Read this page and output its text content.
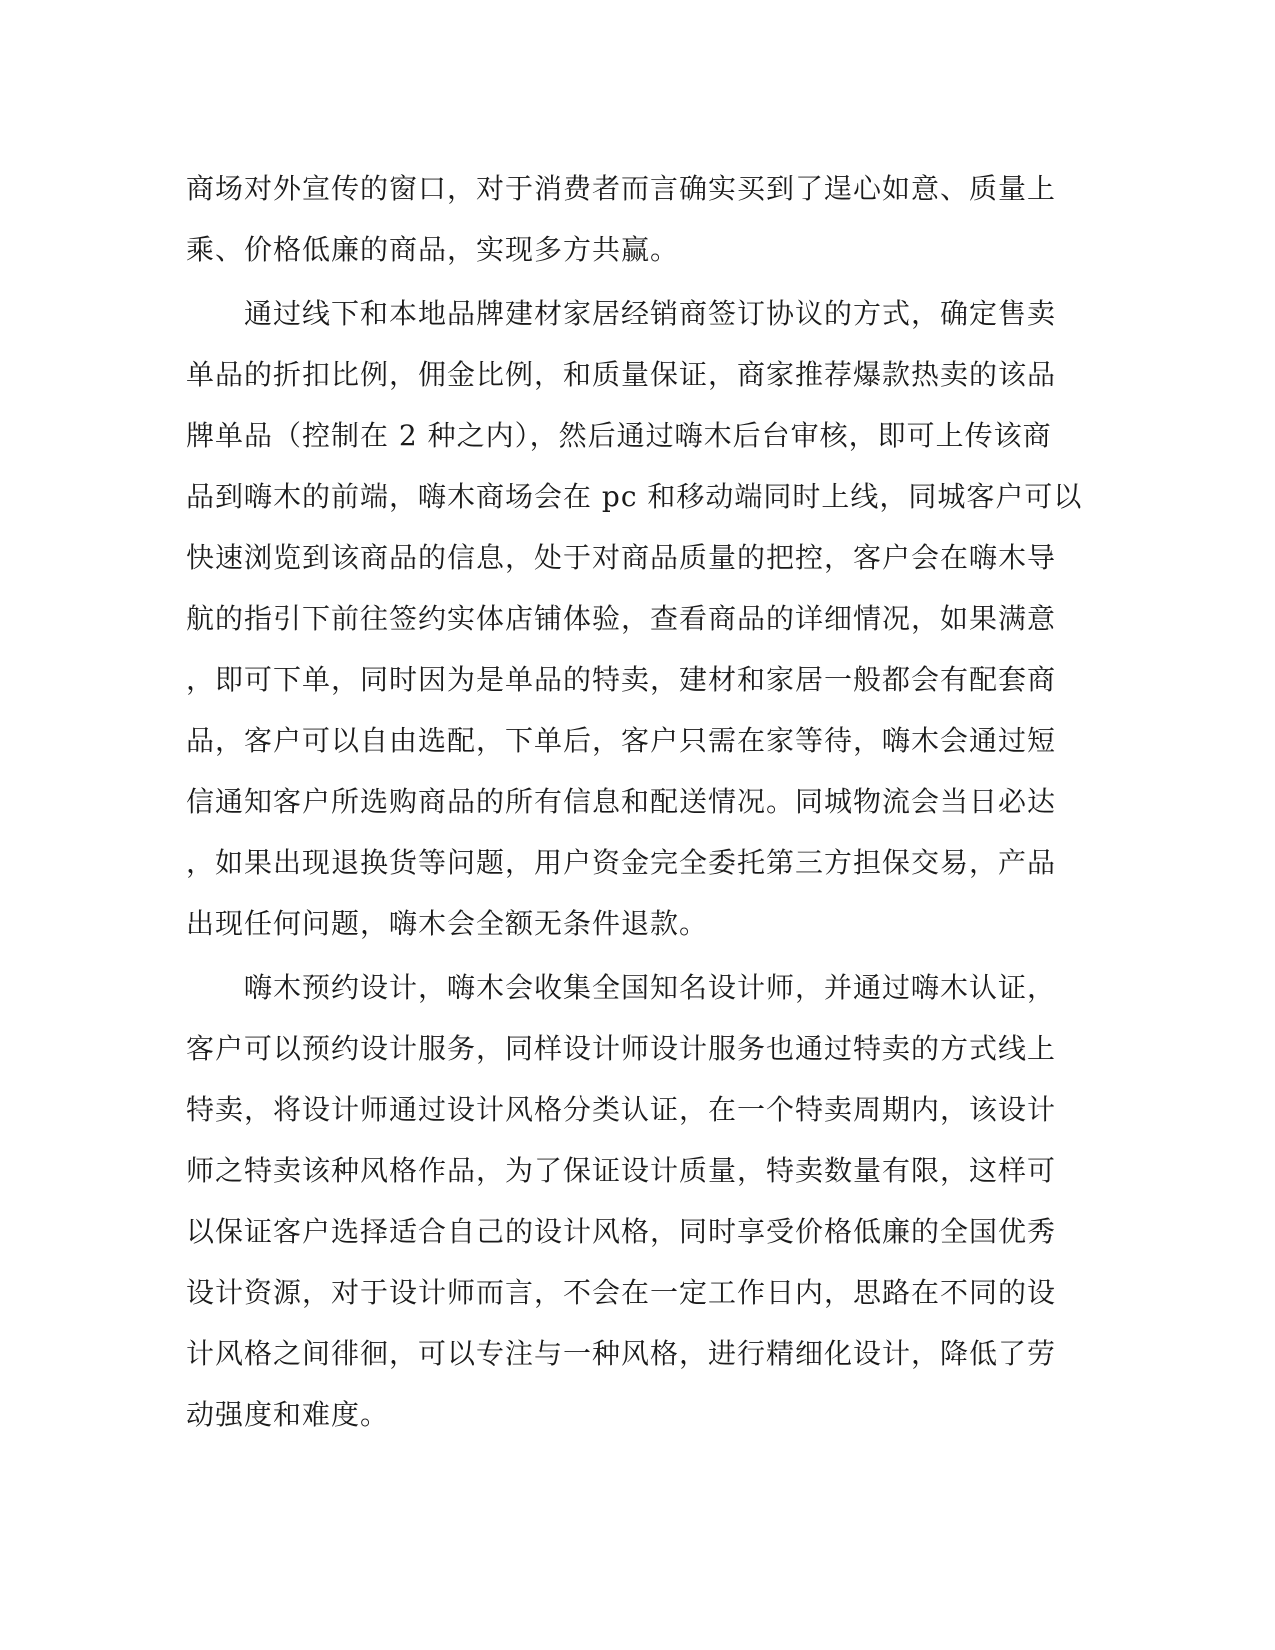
商场对外宣传的窗口，对于消费者而言确实买到了逞心如意、质量上
乘、价格低廉的商品，实现多方共赢。
　　通过线下和本地品牌建材家居经销商签订协议的方式，确定售卖
单品的折扣比例，佣金比例，和质量保证，商家推荐爆款热卖的该品
牌单品（控制在 2 种之内），然后通过嗨木后台审核，即可上传该商
品到嗨木的前端，嗨木商场会在 pc 和移动端同时上线，同城客户可以
快速浏览到该商品的信息，处于对商品质量的把控，客户会在嗨木导
航的指引下前往签约实体店铺体验，查看商品的详细情况，如果满意
，即可下单，同时因为是单品的特卖，建材和家居一般都会有配套商
品，客户可以自由选配，下单后，客户只需在家等待，嗨木会通过短
信通知客户所选购商品的所有信息和配送情况。同城物流会当日必达
，如果出现退换货等问题，用户资金完全委托第三方担保交易，产品
出现任何问题，嗨木会全额无条件退款。
　　嗨木预约设计，嗨木会收集全国知名设计师，并通过嗨木认证，
客户可以预约设计服务，同样设计师设计服务也通过特卖的方式线上
特卖，将设计师通过设计风格分类认证，在一个特卖周期内，该设计
师之特卖该种风格作品，为了保证设计质量，特卖数量有限，这样可
以保证客户选择适合自己的设计风格，同时享受价格低廉的全国优秀
设计资源，对于设计师而言，不会在一定工作日内，思路在不同的设
计风格之间徘徊，可以专注与一种风格，进行精细化设计，降低了劳
动强度和难度。
